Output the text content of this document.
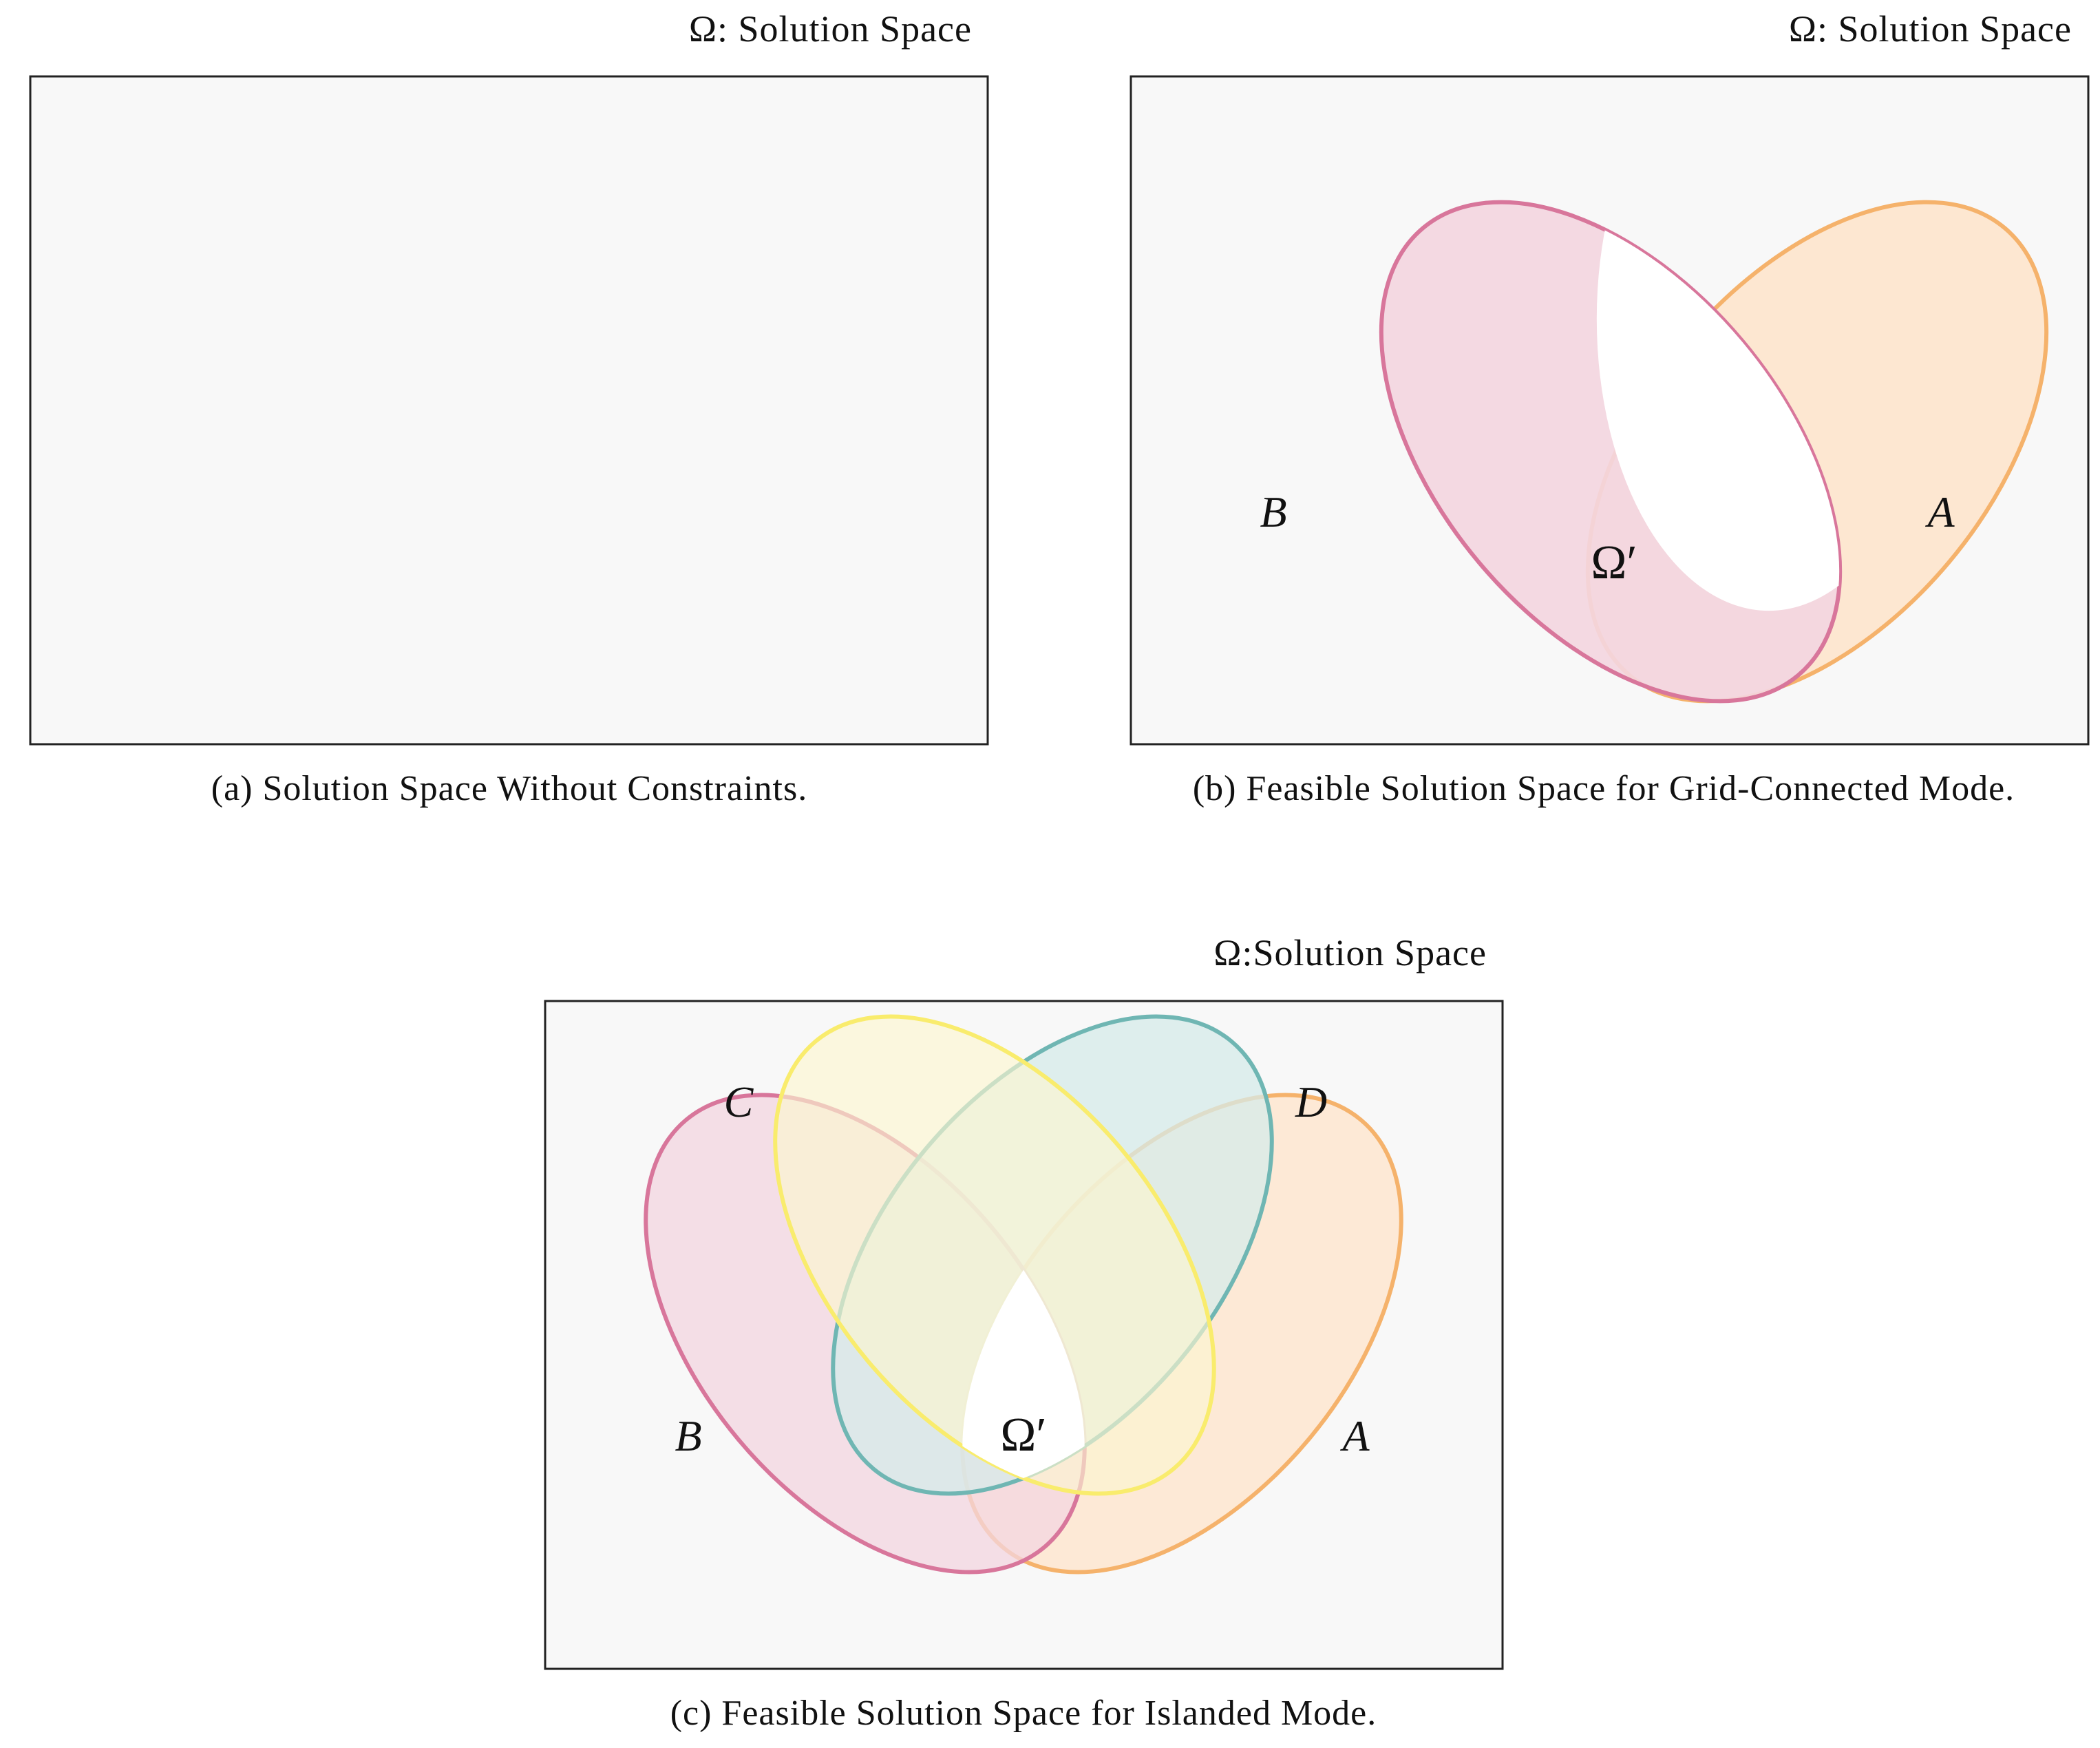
Ω: Solution Space
(a) Solution Space Without Constraints.
Ω: Solution Space
B	A
Ω′
(b) Feasible Solution Space for Grid-Connected Mode.
Ω:Solution Space
C	D
B	A
Ω′
(c) Feasible Solution Space for Islanded Mode.
